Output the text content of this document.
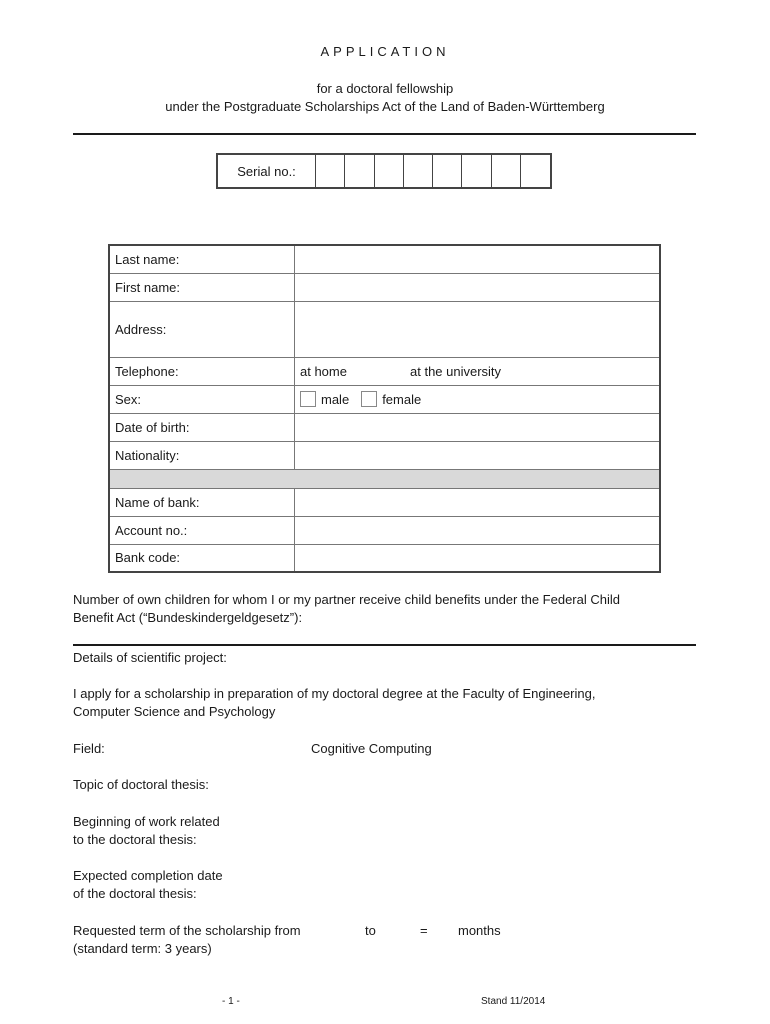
APPLICATION
for a doctoral fellowship
under the Postgraduate Scholarships Act of the Land of Baden-Württemberg
Serial no.:
Last name:	
First name:	
Address:	
Telephone:	at home at the university
Sex:	male female
Date of birth:	
Nationality:	

Name of bank:	
Account no.:	
Bank code:	
Number of own children for whom I or my partner receive child benefits under the Federal Child
Benefit Act (“Bundeskindergeldgesetz”):
Details of scientific project:
I apply for a scholarship in preparation of my doctoral degree at the Faculty of Engineering,
Computer Science and Psychology
Field:	Cognitive Computing
Topic of doctoral thesis:
Beginning of work related
to the doctoral thesis:
Expected completion date
of the doctoral thesis:
Requested term of the scholarship from	to	= months
(standard term: 3 years)
- 1 -	Stand 11/2014
